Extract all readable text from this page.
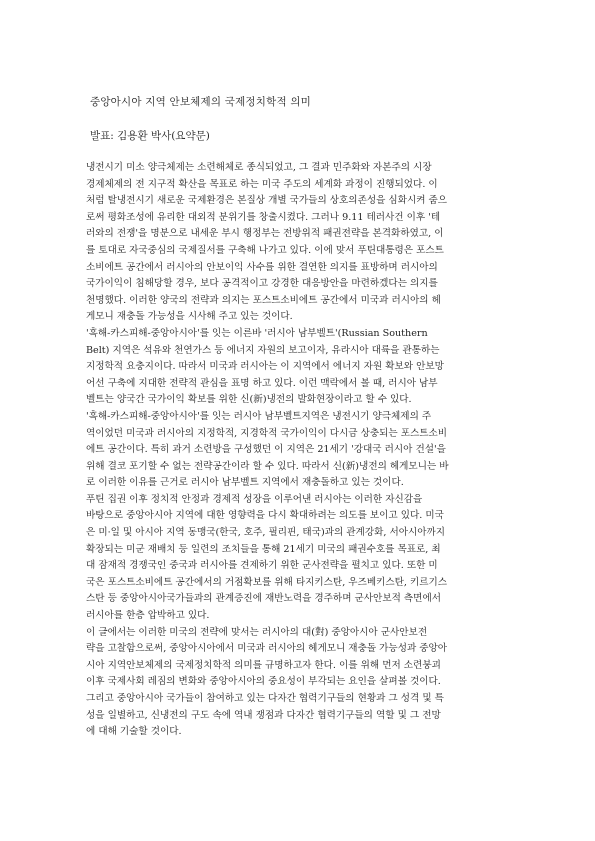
중앙아시아 지역 안보체제의 국제정치학적 의미
발표: 김용환 박사(요약문)
냉전시기 미소 양극체제는 소련해체로 종식되었고, 그 결과 민주화와 자본주의 시장
경제체제의 전 지구적 확산을 목표로 하는 미국 주도의 세계화 과정이 진행되었다. 이
처럼 탈냉전시기 새로운 국제환경은 본질상 개별 국가들의 상호의존성을 심화시켜 줌으
로써 평화조성에 유리한 대외적 분위기를 창출시켰다. 그러나 9.11 테러사건 이후 '테
러와의 전쟁'을 명분으로 내세운 부시 행정부는 전방위적 패권전략을 본격화하였고, 이
를 토대로 자국중심의 국제질서를 구축해 나가고 있다. 이에 맞서 푸틴대통령은 포스트
소비에트 공간에서 러시아의 안보이익 사수를 위한 결연한 의지를 표방하며 러시아의
국가이익이 침해당할 경우, 보다 공격적이고 강경한 대응방안을 마련하겠다는 의지를
천명했다. 이러한 양국의 전략과 의지는 포스트소비에트 공간에서 미국과 러시아의 헤
게모니 재충돌 가능성을 시사해 주고 있는 것이다.
'흑해-카스피해-중앙아시아'를 잇는 이른바 '러시아 남부벨트'(Russian Southern
Belt) 지역은 석유와 천연가스 등 에너지 자원의 보고이자, 유라시아 대륙을 관통하는
지정학적 요충지이다. 따라서 미국과 러시아는 이 지역에서 에너지 자원 확보와 안보망
어선 구축에 지대한 전략적 관심을 표명 하고 있다. 이런 맥락에서 볼 때, 러시아 남부
벨트는 양국간 국가이익 확보를 위한 신(新)냉전의 발화현장이라고 할 수 있다.
'흑해-카스피해-중앙아시아'를 잇는 러시아 남부벨트지역은 냉전시기 양극체제의 주
역이었던 미국과 러시아의 지정학적, 지경학적 국가이익이 다시금 상충되는 포스트소비
에트 공간이다. 특히 과거 소련방을 구성했던 이 지역은 21세기 '강대국 러시아 건설'을
위해 결코 포기할 수 없는 전략공간이라 할 수 있다. 따라서 신(新)냉전의 헤게모니는 바
로 이러한 이유를 근거로 러시아 남부벨트 지역에서 재충돌하고 있는 것이다.
푸틴 집권 이후 정치적 안정과 경제적 성장을 이루어낸 러시아는 이러한 자신감을
바탕으로 중앙아시아 지역에 대한 영향력을 다시 확대하려는 의도를 보이고 있다. 미국
은 미·일 및 아시아 지역 동맹국(한국, 호주, 필리핀, 태국)과의 관계강화, 서아시아까지
확장되는 미군 재배치 등 일련의 조치들을 통해 21세기 미국의 패권수호를 목표로, 최
대 잠재적 경쟁국인 중국과 러시아를 견제하기 위한 군사전략을 펼치고 있다. 또한 미
국은 포스트소비에트 공간에서의 거점확보를 위해 타지키스탄, 우즈베키스탄, 키르기스
스탄 등 중앙아시아국가들과의 관계증진에 재반노력을 경주하며 군사안보적 측면에서
러시아를 한층 압박하고 있다.
이 글에서는 이러한 미국의 전략에 맞서는 러시아의 대(對) 중앙아시아 군사안보전
략을 고찰함으로써, 중앙아시아에서 미국과 러시아의 헤게모니 재충돌 가능성과 중앙아
시아 지역안보체제의 국제정치학적 의미를 규명하고자 한다. 이를 위해 먼저 소련붕괴
이후 국제사회 레짐의 변화와 중앙아시아의 중요성이 부각되는 요인을 살펴볼 것이다.
그리고 중앙아시아 국가들이 참여하고 있는 다자간 협력기구들의 현황과 그 성격 및 특
성을 일별하고, 신냉전의 구도 속에 역내 쟁점과 다자간 협력기구들의 역할 및 그 전망
에 대해 기술할 것이다.
